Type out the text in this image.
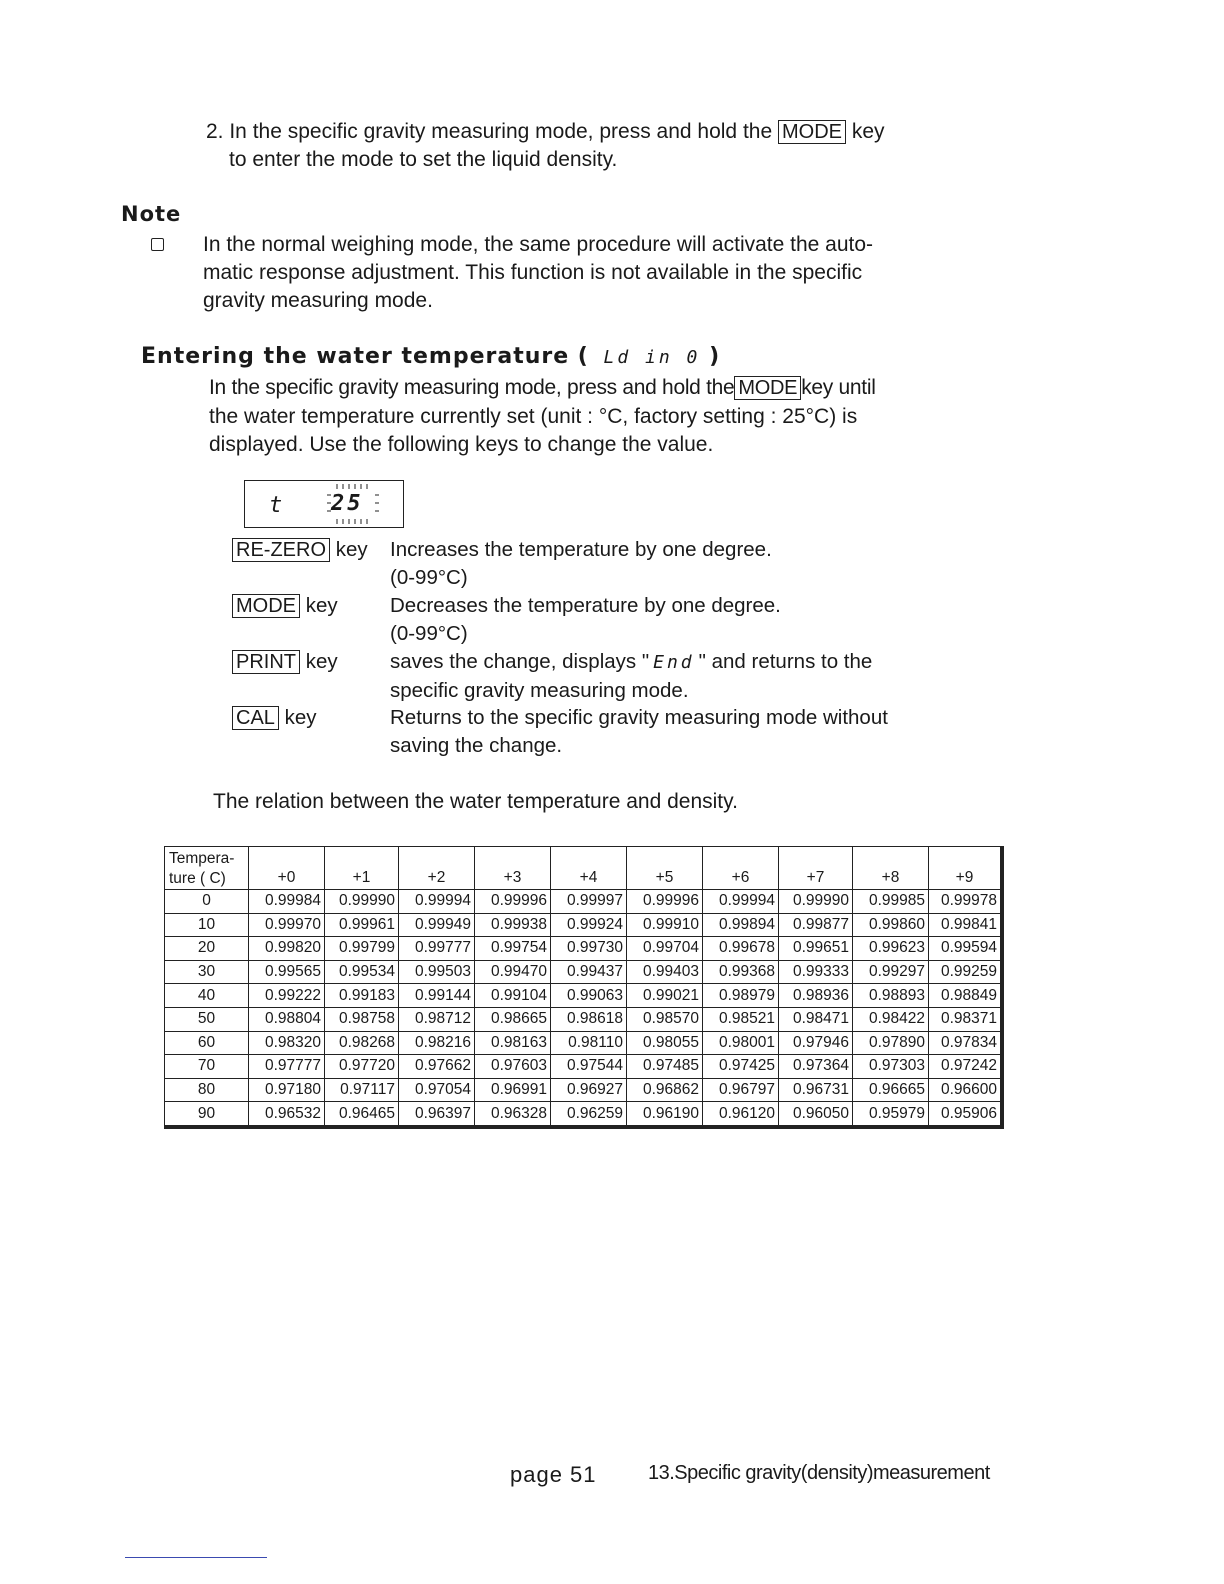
2. In the specific gravity measuring mode, press and hold the MODE key
to enter the mode to set the liquid density.
Note
In the normal weighing mode, the same procedure will activate the auto-
matic response adjustment. This function is not available in the specific
gravity measuring mode.
Entering the water temperature ( Ld in 0 )
In the specific gravity measuring mode, press and hold the MODE key until
the water temperature currently set (unit : °C, factory setting : 25°C) is
displayed. Use the following keys to change the value.
t 25
RE-ZERO key Increases the temperature by one degree.
(0-99°C)
MODE key	Decreases the temperature by one degree.
(0-99°C)
PRINT key	saves the change, displays " End " and returns to the
specific gravity measuring mode.
CAL key	Returns to the specific gravity measuring mode without
saving the change.
The relation between the water temperature and density.
Tempera-
ture ( C)	+0	+1	+2	+3	+4	+5	+6	+7	+8	+9
0	0.99984	0.99990	0.99994	0.99996	0.99997	0.99996	0.99994	0.99990	0.99985	0.99978
10	0.99970	0.99961	0.99949	0.99938	0.99924	0.99910	0.99894	0.99877	0.99860	0.99841
20	0.99820	0.99799	0.99777	0.99754	0.99730	0.99704	0.99678	0.99651	0.99623	0.99594
30	0.99565	0.99534	0.99503	0.99470	0.99437	0.99403	0.99368	0.99333	0.99297	0.99259
40	0.99222	0.99183	0.99144	0.99104	0.99063	0.99021	0.98979	0.98936	0.98893	0.98849
50	0.98804	0.98758	0.98712	0.98665	0.98618	0.98570	0.98521	0.98471	0.98422	0.98371
60	0.98320	0.98268	0.98216	0.98163	0.98110	0.98055	0.98001	0.97946	0.97890	0.97834
70	0.97777	0.97720	0.97662	0.97603	0.97544	0.97485	0.97425	0.97364	0.97303	0.97242
80	0.97180	0.97117	0.97054	0.96991	0.96927	0.96862	0.96797	0.96731	0.96665	0.96600
90	0.96532	0.96465	0.96397	0.96328	0.96259	0.96190	0.96120	0.96050	0.95979	0.95906
page 51	13.Specific gravity(density)measurement
